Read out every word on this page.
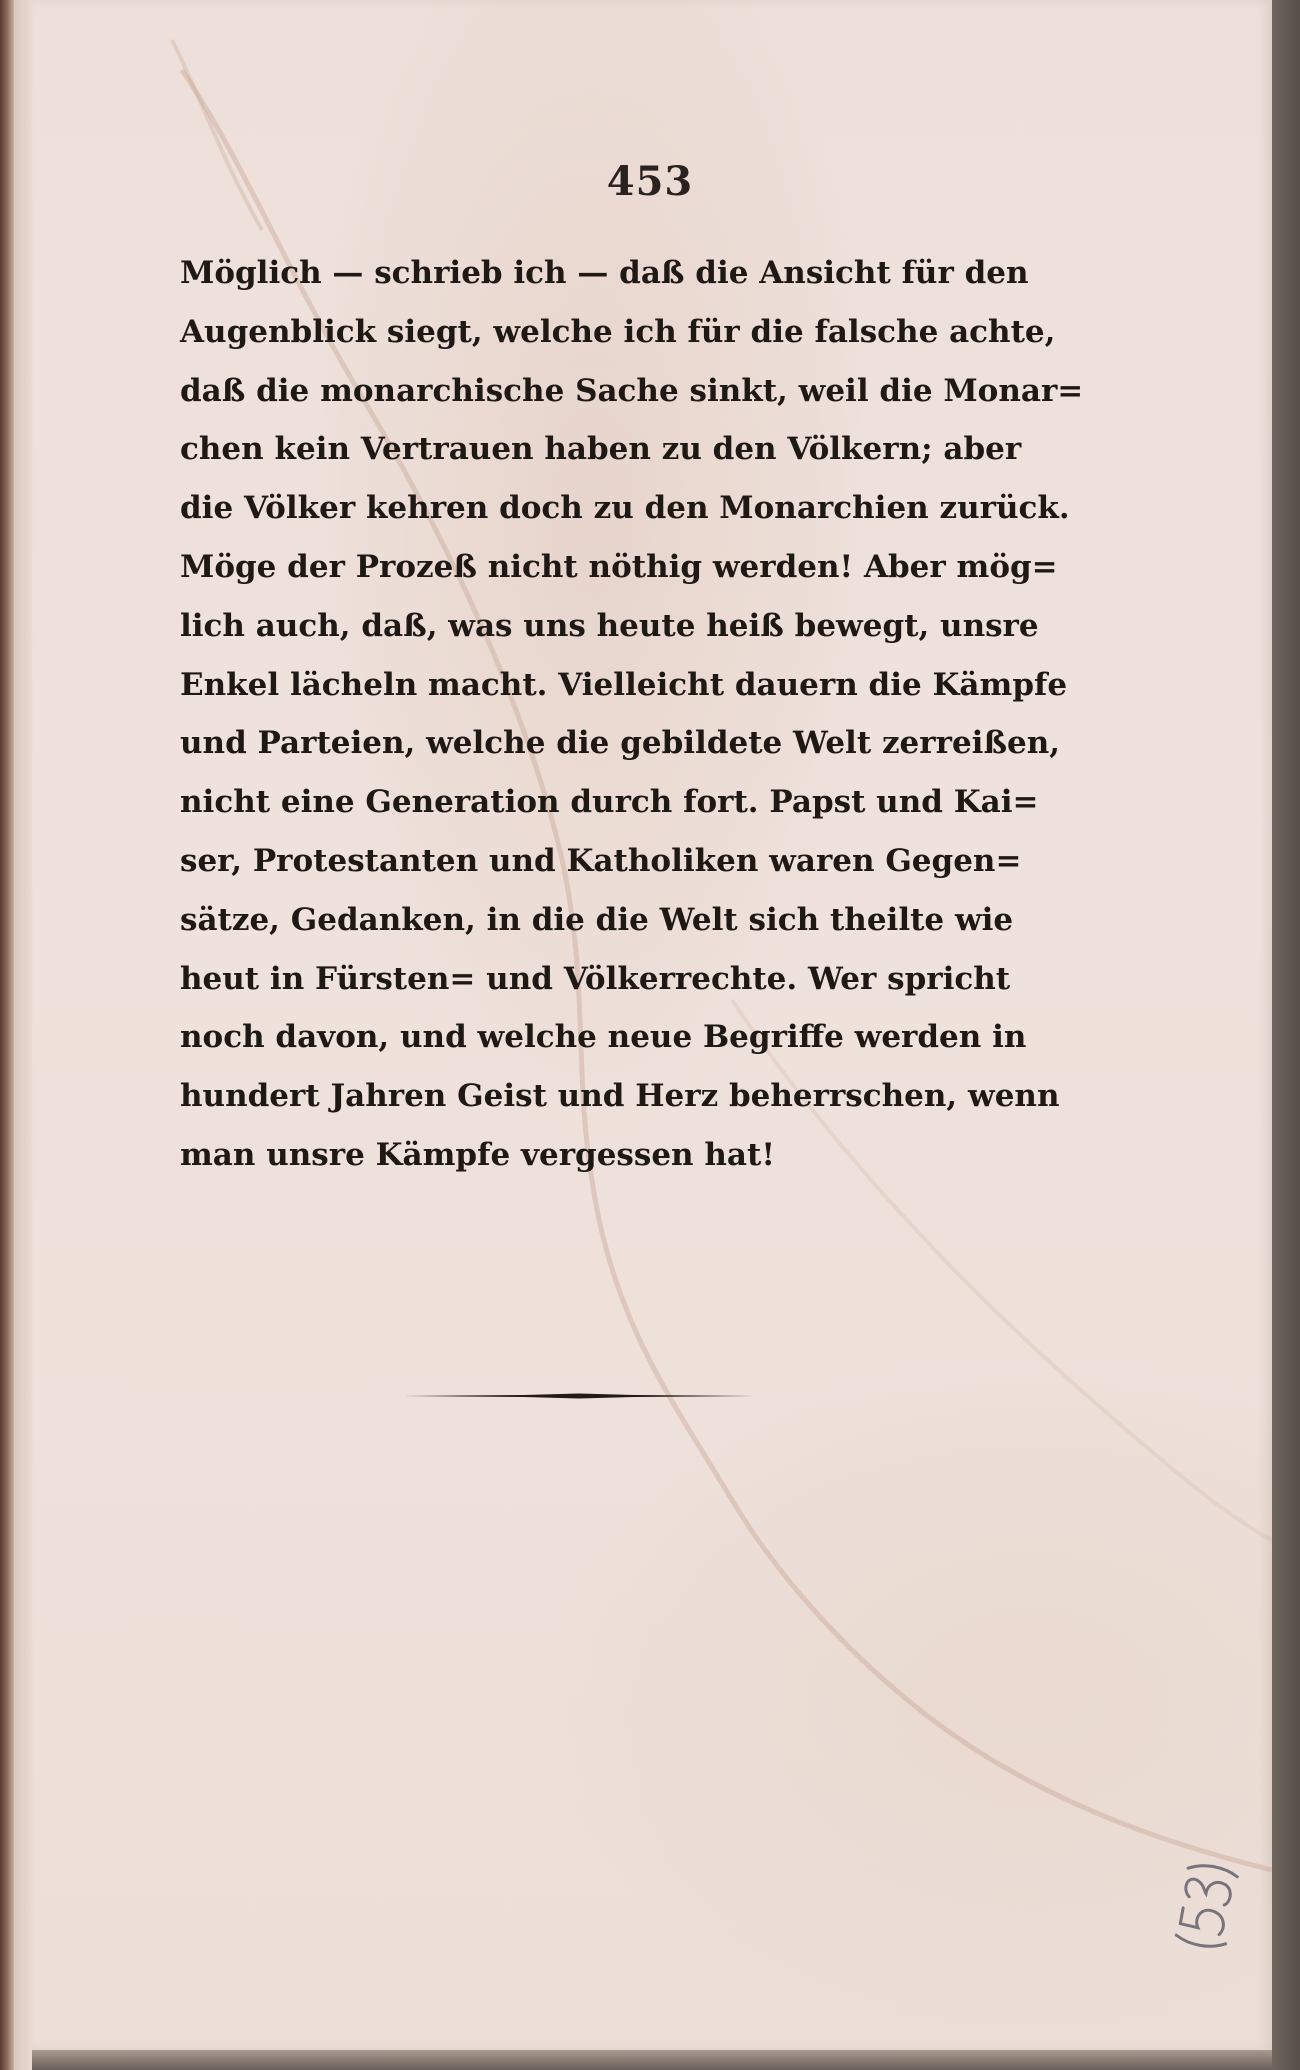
453
Möglich — schrieb ich — daß die Ansicht für den
Augenblick siegt, welche ich für die falsche achte,
daß die monarchische Sache sinkt, weil die Monar=
chen kein Vertrauen haben zu den Völkern; aber
die Völker kehren doch zu den Monarchien zurück.
Möge der Prozeß nicht nöthig werden! Aber mög=
lich auch, daß, was uns heute heiß bewegt, unsre
Enkel lächeln macht. Vielleicht dauern die Kämpfe
und Parteien, welche die gebildete Welt zerreißen,
nicht eine Generation durch fort. Papst und Kai=
ser, Protestanten und Katholiken waren Gegen=
sätze, Gedanken, in die die Welt sich theilte wie
heut in Fürsten= und Völkerrechte. Wer spricht
noch davon, und welche neue Begriffe werden in
hundert Jahren Geist und Herz beherrschen, wenn
man unsre Kämpfe vergessen hat!
